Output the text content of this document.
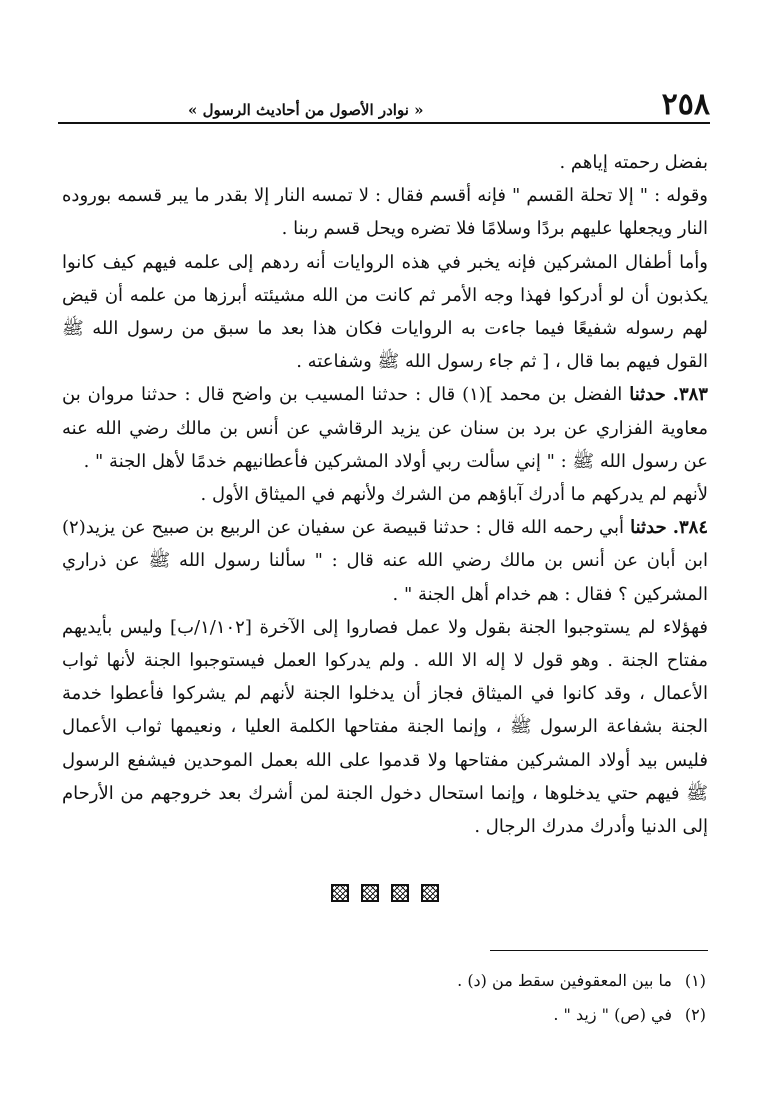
٢٥٨
« نوادر الأصول من أحاديث الرسول »

بفضل رحمته إياهم .

وقوله : " إلا تحلة القسم " فإنه أقسم فقال : لا تمسه النار إلا بقدر ما يبر قسمه بوروده النار ويجعلها عليهم بردًا وسلامًا فلا تضره ويحل قسم ربنا .

وأما أطفال المشركين فإنه يخبر في هذه الروايات أنه ردهم إلى علمه فيهم كيف كانوا يكذبون أن لو أدركوا فهذا وجه الأمر ثم كانت من الله مشيئته أبرزها من علمه أن قيض لهم رسوله شفيعًا فيما جاءت به الروايات فكان هذا بعد ما سبق من رسول الله ﷺ القول فيهم بما قال ، [ ثم جاء رسول الله ﷺ وشفاعته .

٣٨٣. حدثنا الفضل بن محمد ](١) قال : حدثنا المسيب بن واضح قال : حدثنا مروان بن معاوية الفزاري عن برد بن سنان عن يزيد الرقاشي عن أنس بن مالك رضي الله عنه عن رسول الله ﷺ : " إني سألت ربي أولاد المشركين فأعطانيهم خدمًا لأهل الجنة " .

لأنهم لم يدركهم ما أدرك آباؤهم من الشرك ولأنهم في الميثاق الأول .

٣٨٤. حدثنا أبي رحمه الله قال : حدثنا قبيصة عن سفيان عن الربيع بن صبيح عن يزيد(٢) ابن أبان عن أنس بن مالك رضي الله عنه قال : " سألنا رسول الله ﷺ عن ذراري المشركين ؟ فقال : هم خدام أهل الجنة " .

فهؤلاء لم يستوجبوا الجنة بقول ولا عمل فصاروا إلى الآخرة [١/١٠٢/ب] وليس بأيديهم مفتاح الجنة . وهو قول لا إله الا الله . ولم يدركوا العمل فيستوجبوا الجنة لأنها ثواب الأعمال ، وقد كانوا في الميثاق فجاز أن يدخلوا الجنة لأنهم لم يشركوا فأعطوا خدمة الجنة بشفاعة الرسول ﷺ ، وإنما الجنة مفتاحها الكلمة العليا ، ونعيمها ثواب الأعمال فليس بيد أولاد المشركين مفتاحها ولا قدموا على الله بعمل الموحدين فيشفع الرسول ﷺ فيهم حتي يدخلوها ، وإنما استحال دخول الجنة لمن أشرك بعد خروجهم من الأرحام إلى الدنيا وأدرك مدرك الرجال .

(١)ما بين المعقوفين سقط من (د) .

(٢)في (ص) " زيد " .
